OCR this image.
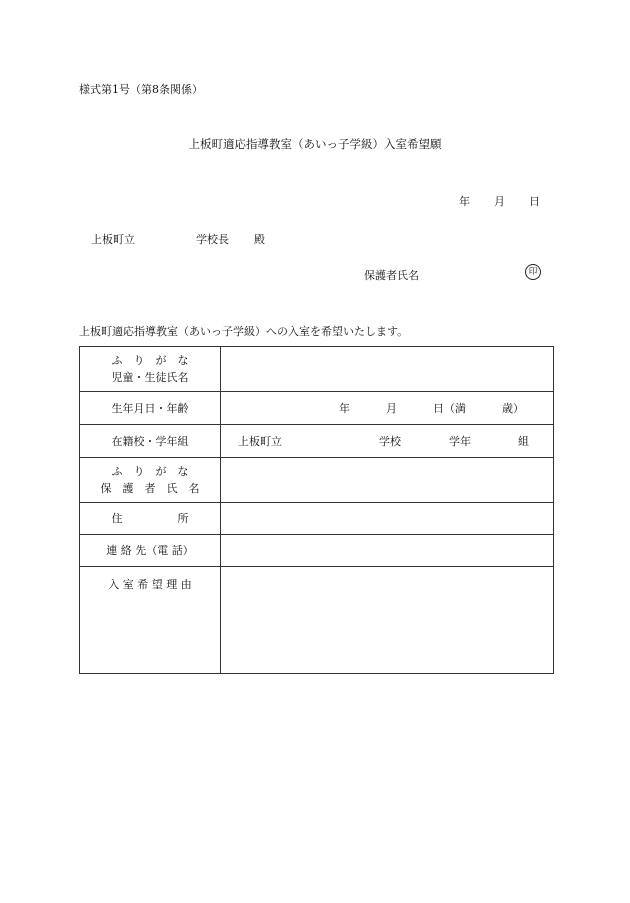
様式第1号（第8条関係）
上板町適応指導教室（あいっ子学級）入室希望願
年 月 日
上板町立	学校長 殿
保護者氏名	印
上板町適応指導教室（あいっ子学級）への入室を希望いたします。
ふ　り　が　な
児童・生徒氏名	

生年月日・年齢	年 月 日（満 歳）

在籍校・学年組	上板町立 学校 学年 組

ふ　り　が　な
保　護　者　氏　名	

住　　　　　所	

連 絡 先（電 話）	

入 室 希 望 理 由	
